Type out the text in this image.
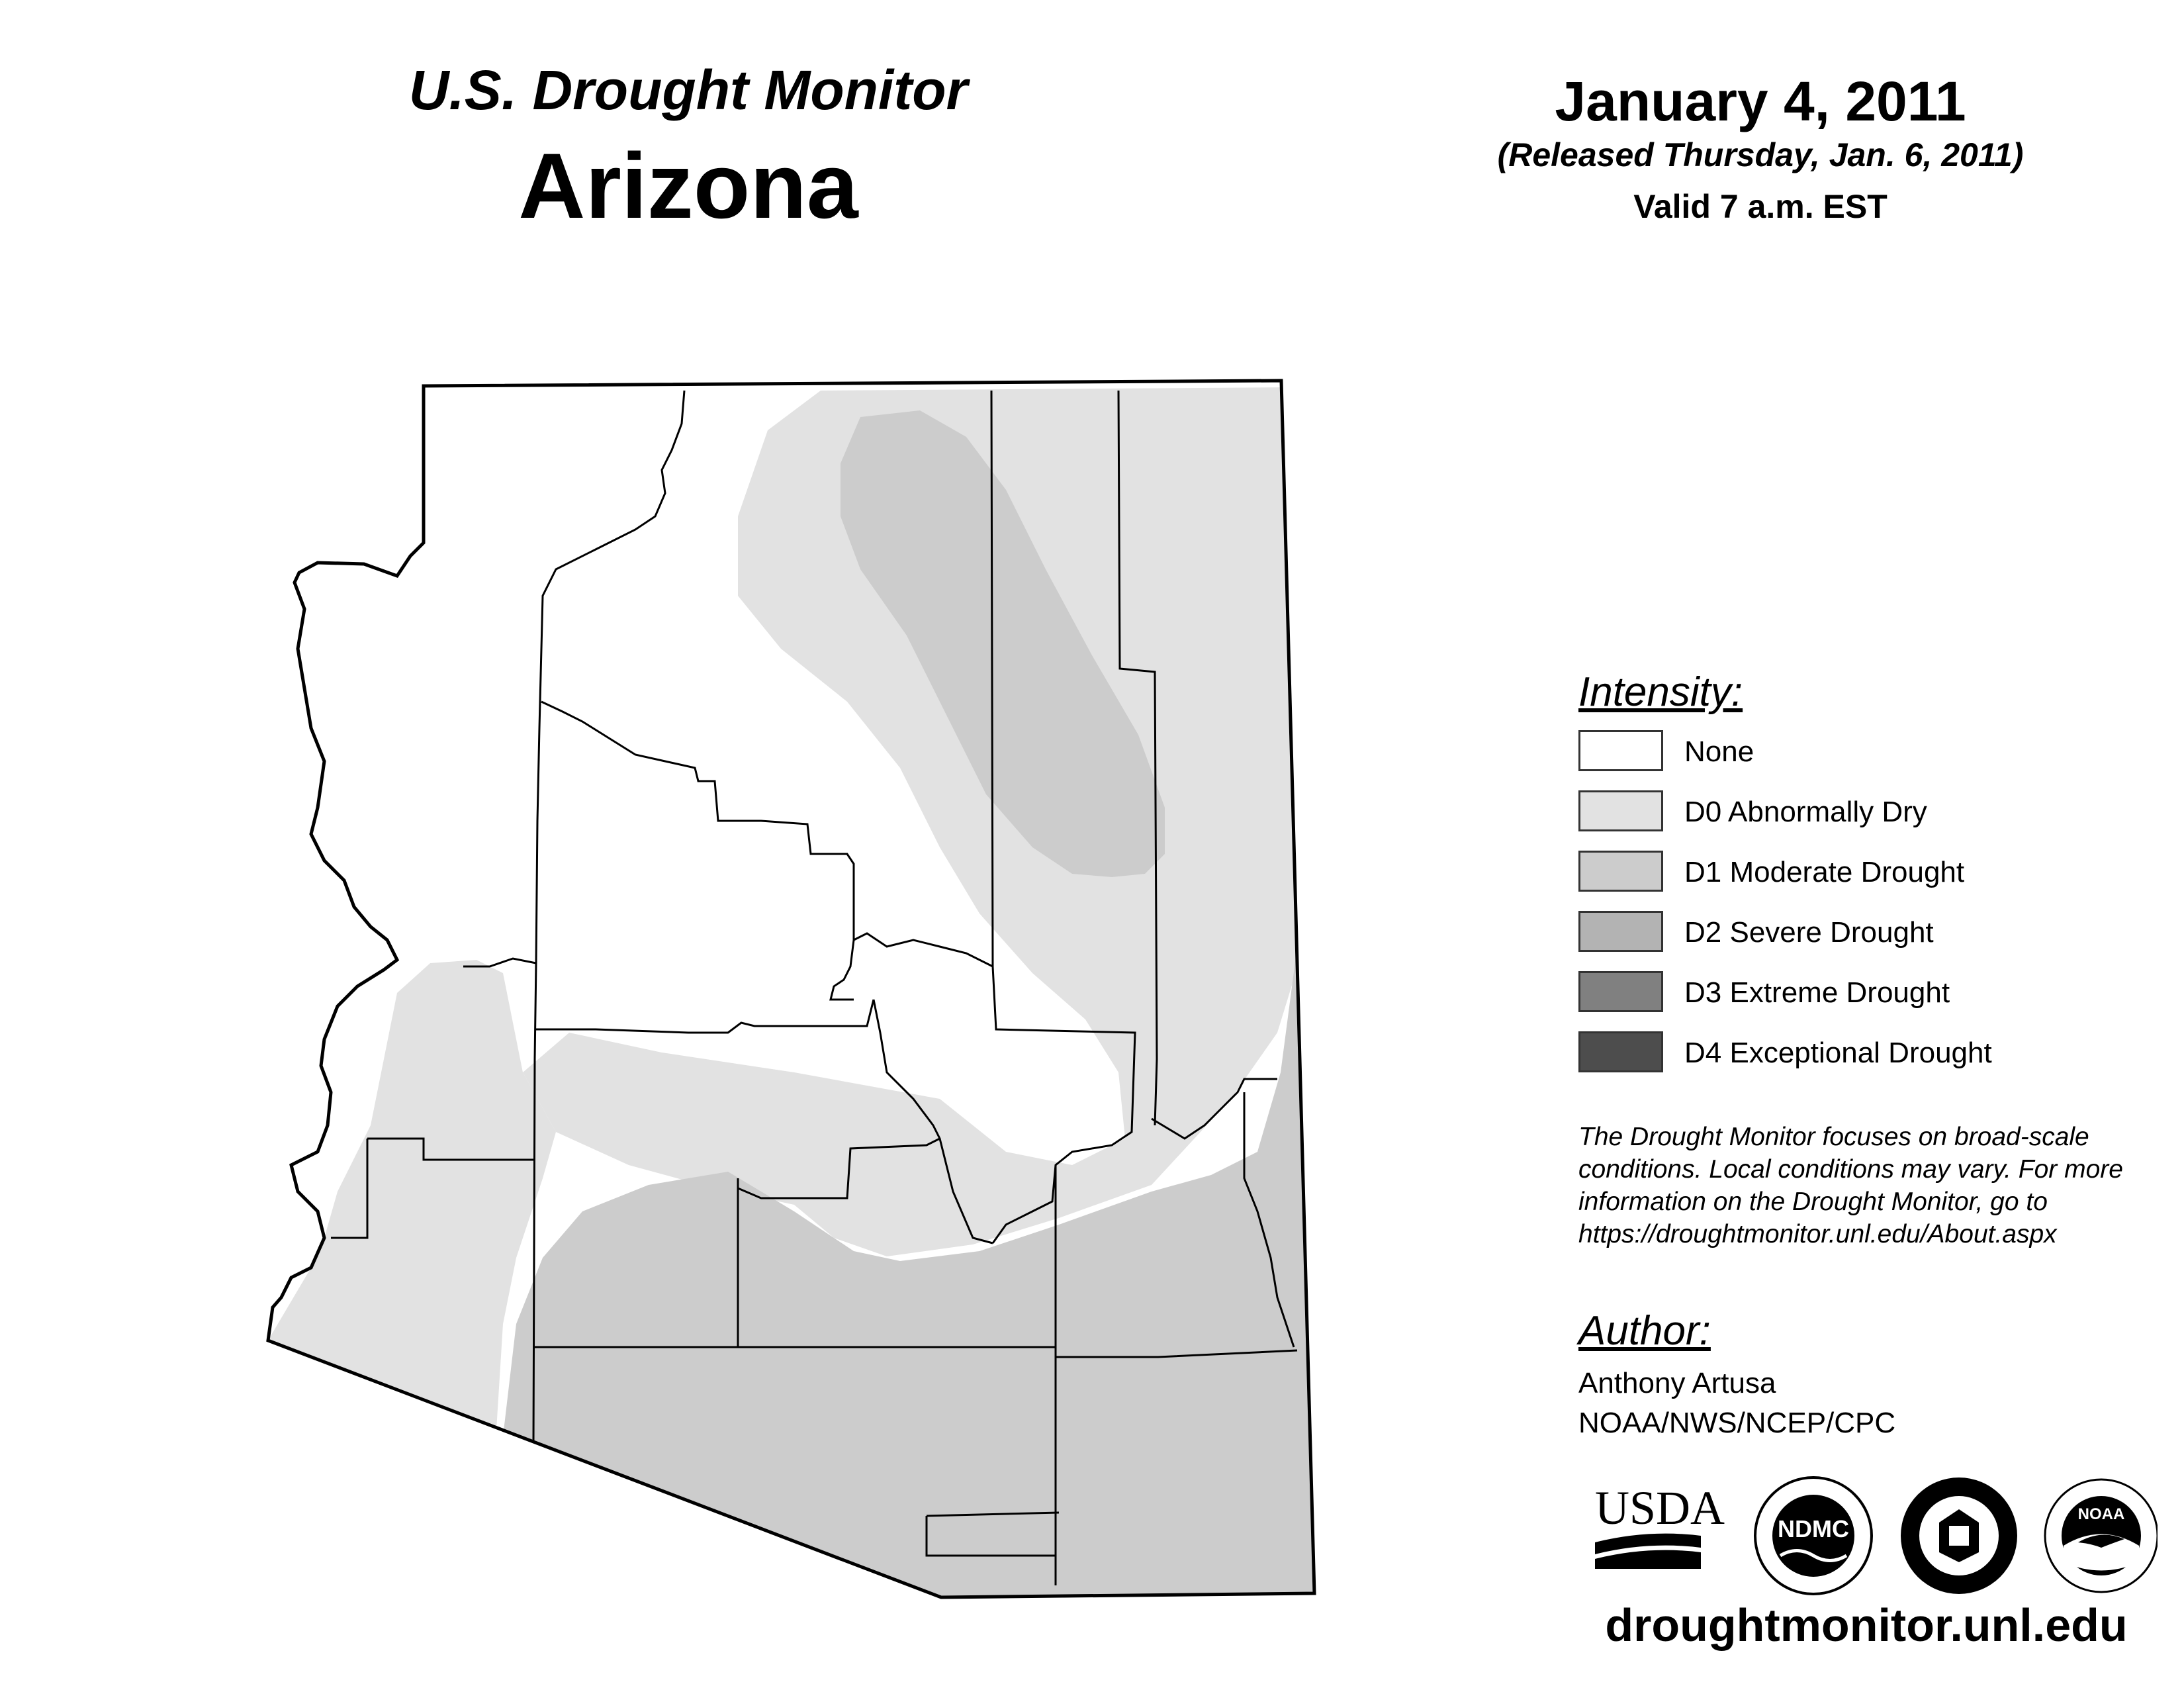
U.S. Drought Monitor
Arizona
January 4, 2011
(Released Thursday, Jan. 6, 2011)
Valid 7 a.m. EST
Intensity:
None
D0 Abnormally Dry
D1 Moderate Drought
D2 Severe Drought
D3 Extreme Drought
D4 Exceptional Drought
The Drought Monitor focuses on broad-scale
conditions. Local conditions may vary. For more
information on the Drought Monitor, go to
https://droughtmonitor.unl.edu/About.aspx
Author:
Anthony Artusa
NOAA/NWS/NCEP/CPC
USDA NDMC
NOAA
droughtmonitor.unl.edu
